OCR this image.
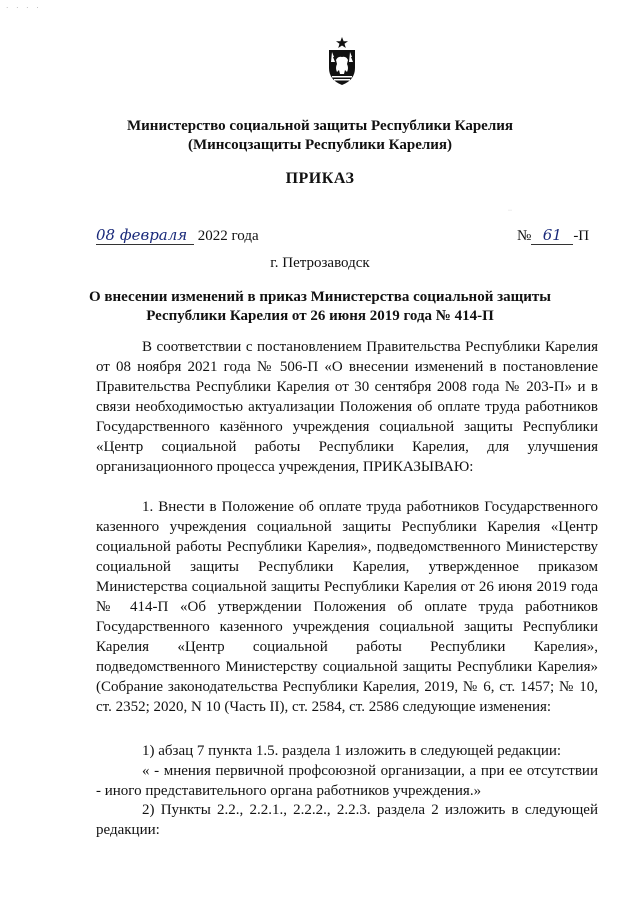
· · · ·
Министерство социальной защиты Республики Карелия
(Минсоцзащиты Республики Карелия)
ПРИКАЗ
··
08 февраля 2022 года	№ 61 -П
г. Петрозаводск
О внесении изменений в приказ Министерства социальной защиты
Республики Карелия от 26 июня 2019 года № 414-П
В соответствии с постановлением Правительства Республики Карелия от 08 ноября 2021 года № 506-П «О внесении изменений в постановление Правительства Республики Карелия от 30 сентября 2008 года № 203-П» и в связи необходимостью актуализации Положения об оплате труда работников Государственного казённого учреждения социальной защиты Республики «Центр социальной работы Республики Карелия, для улучшения организационного процесса учреждения, ПРИКАЗЫВАЮ:
1. Внести в Положение об оплате труда работников Государственного казенного учреждения социальной защиты Республики Карелия «Центр социальной работы Республики Карелия», подведомственного Министерству социальной защиты Республики Карелия, утвержденное приказом Министерства социальной защиты Республики Карелия от 26 июня 2019 года № 414-П «Об утверждении Положения об оплате труда работников Государственного казенного учреждения социальной защиты Республики Карелия «Центр социальной работы Республики Карелия», подведомственного Министерству социальной защиты Республики Карелия» (Собрание законодательства Республики Карелия, 2019, № 6, ст. 1457; № 10, ст. 2352; 2020, N 10 (Часть II), ст. 2584, ст. 2586 следующие изменения:
1) абзац 7 пункта 1.5. раздела 1 изложить в следующей редакции:
« - мнения первичной профсоюзной организации, а при ее отсутствии - иного представительного органа работников учреждения.»
2) Пункты 2.2., 2.2.1., 2.2.2., 2.2.3. раздела 2 изложить в следующей редакции:
